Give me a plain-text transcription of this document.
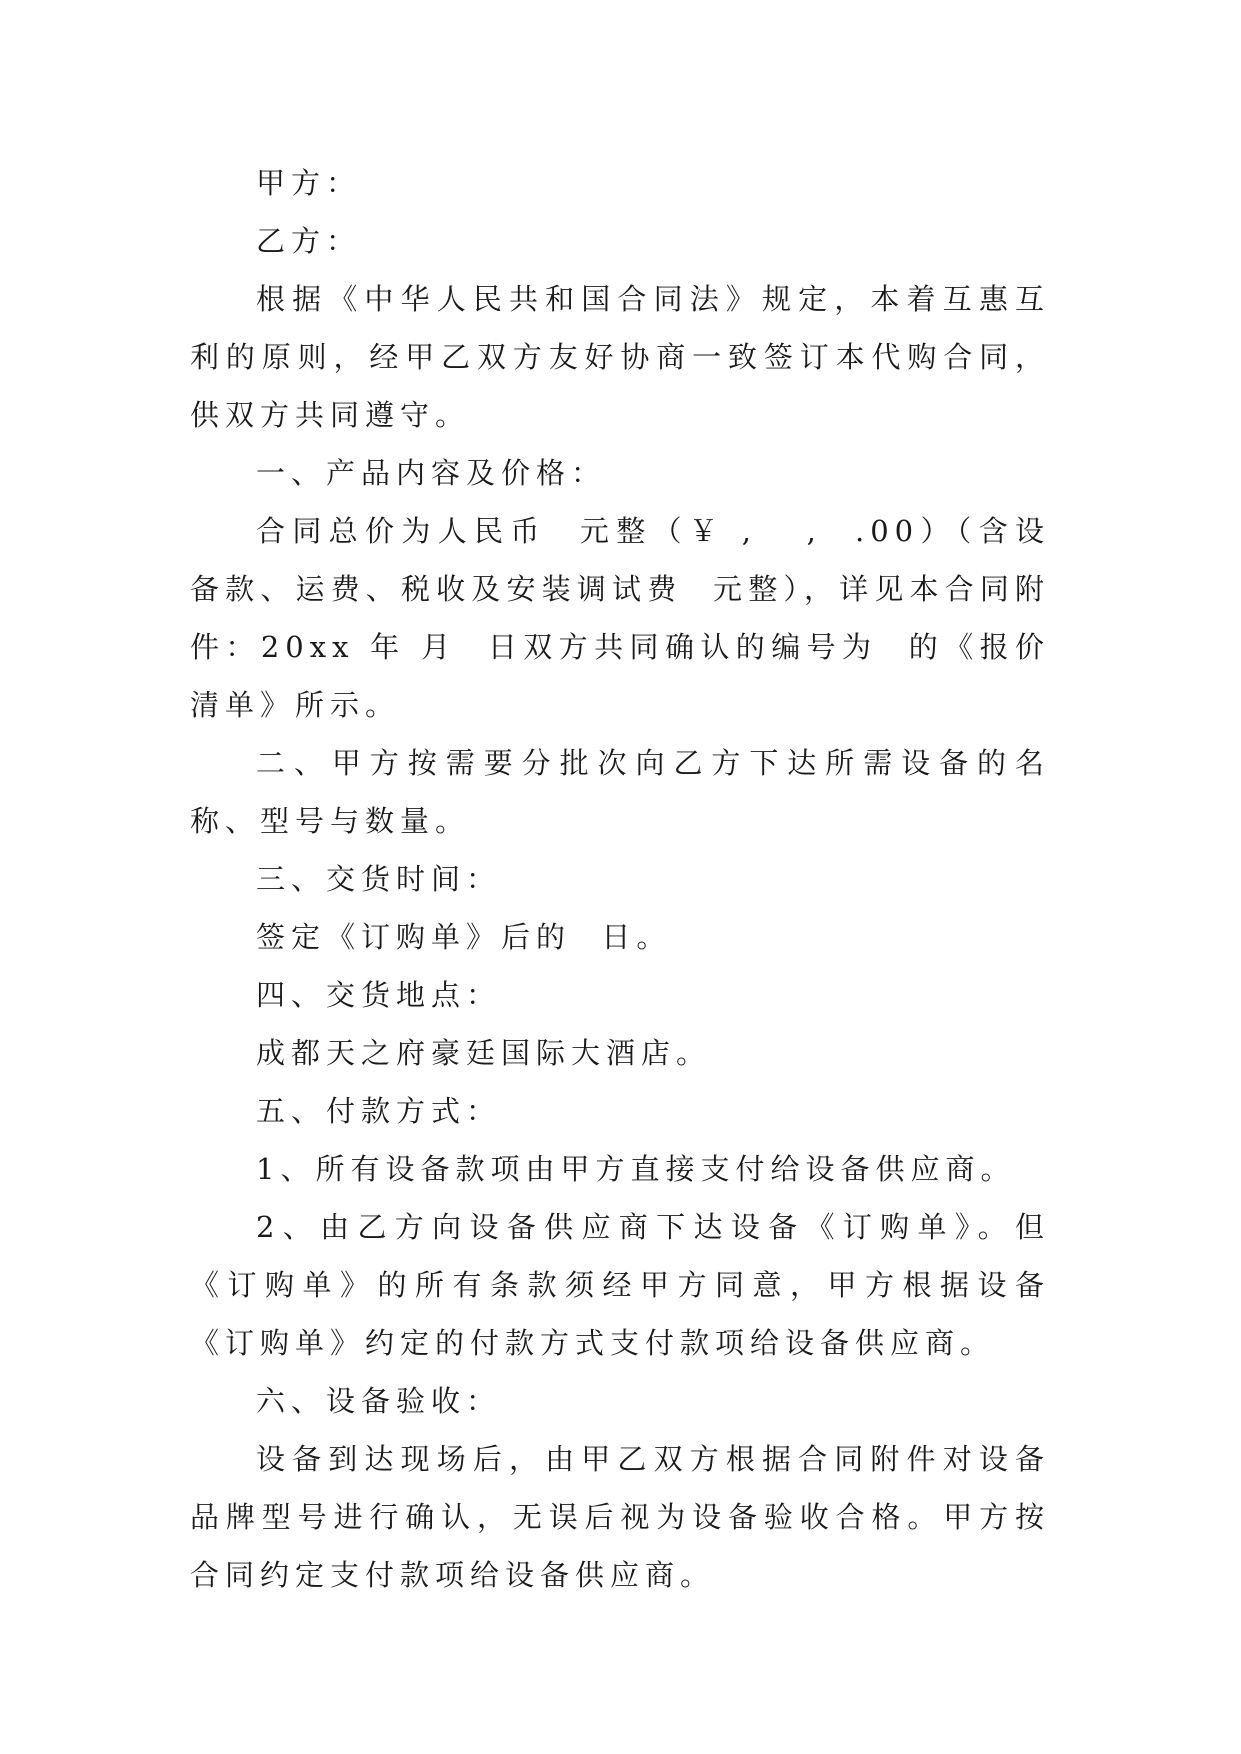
甲方：

乙方：

根据《中华人民共和国合同法》规定，本着互惠互利的原则，经甲乙双方友好协商一致签订本代购合同，供双方共同遵守。

一、产品内容及价格：

合同总价为人民币  元整（￥ ,   ,  .00）（含设备款、运费、税收及安装调试费  元整），详见本合同附件：20xx 年 月  日双方共同确认的编号为  的《报价清单》所示。

二、甲方按需要分批次向乙方下达所需设备的名称、型号与数量。

三、交货时间：

签定《订购单》后的  日。

四、交货地点：

成都天之府豪廷国际大酒店。

五、付款方式：

1、所有设备款项由甲方直接支付给设备供应商。

2、由乙方向设备供应商下达设备《订购单》。但《订购单》的所有条款须经甲方同意，甲方根据设备《订购单》约定的付款方式支付款项给设备供应商。

六、设备验收：

设备到达现场后，由甲乙双方根据合同附件对设备品牌型号进行确认，无误后视为设备验收合格。甲方按合同约定支付款项给设备供应商。
